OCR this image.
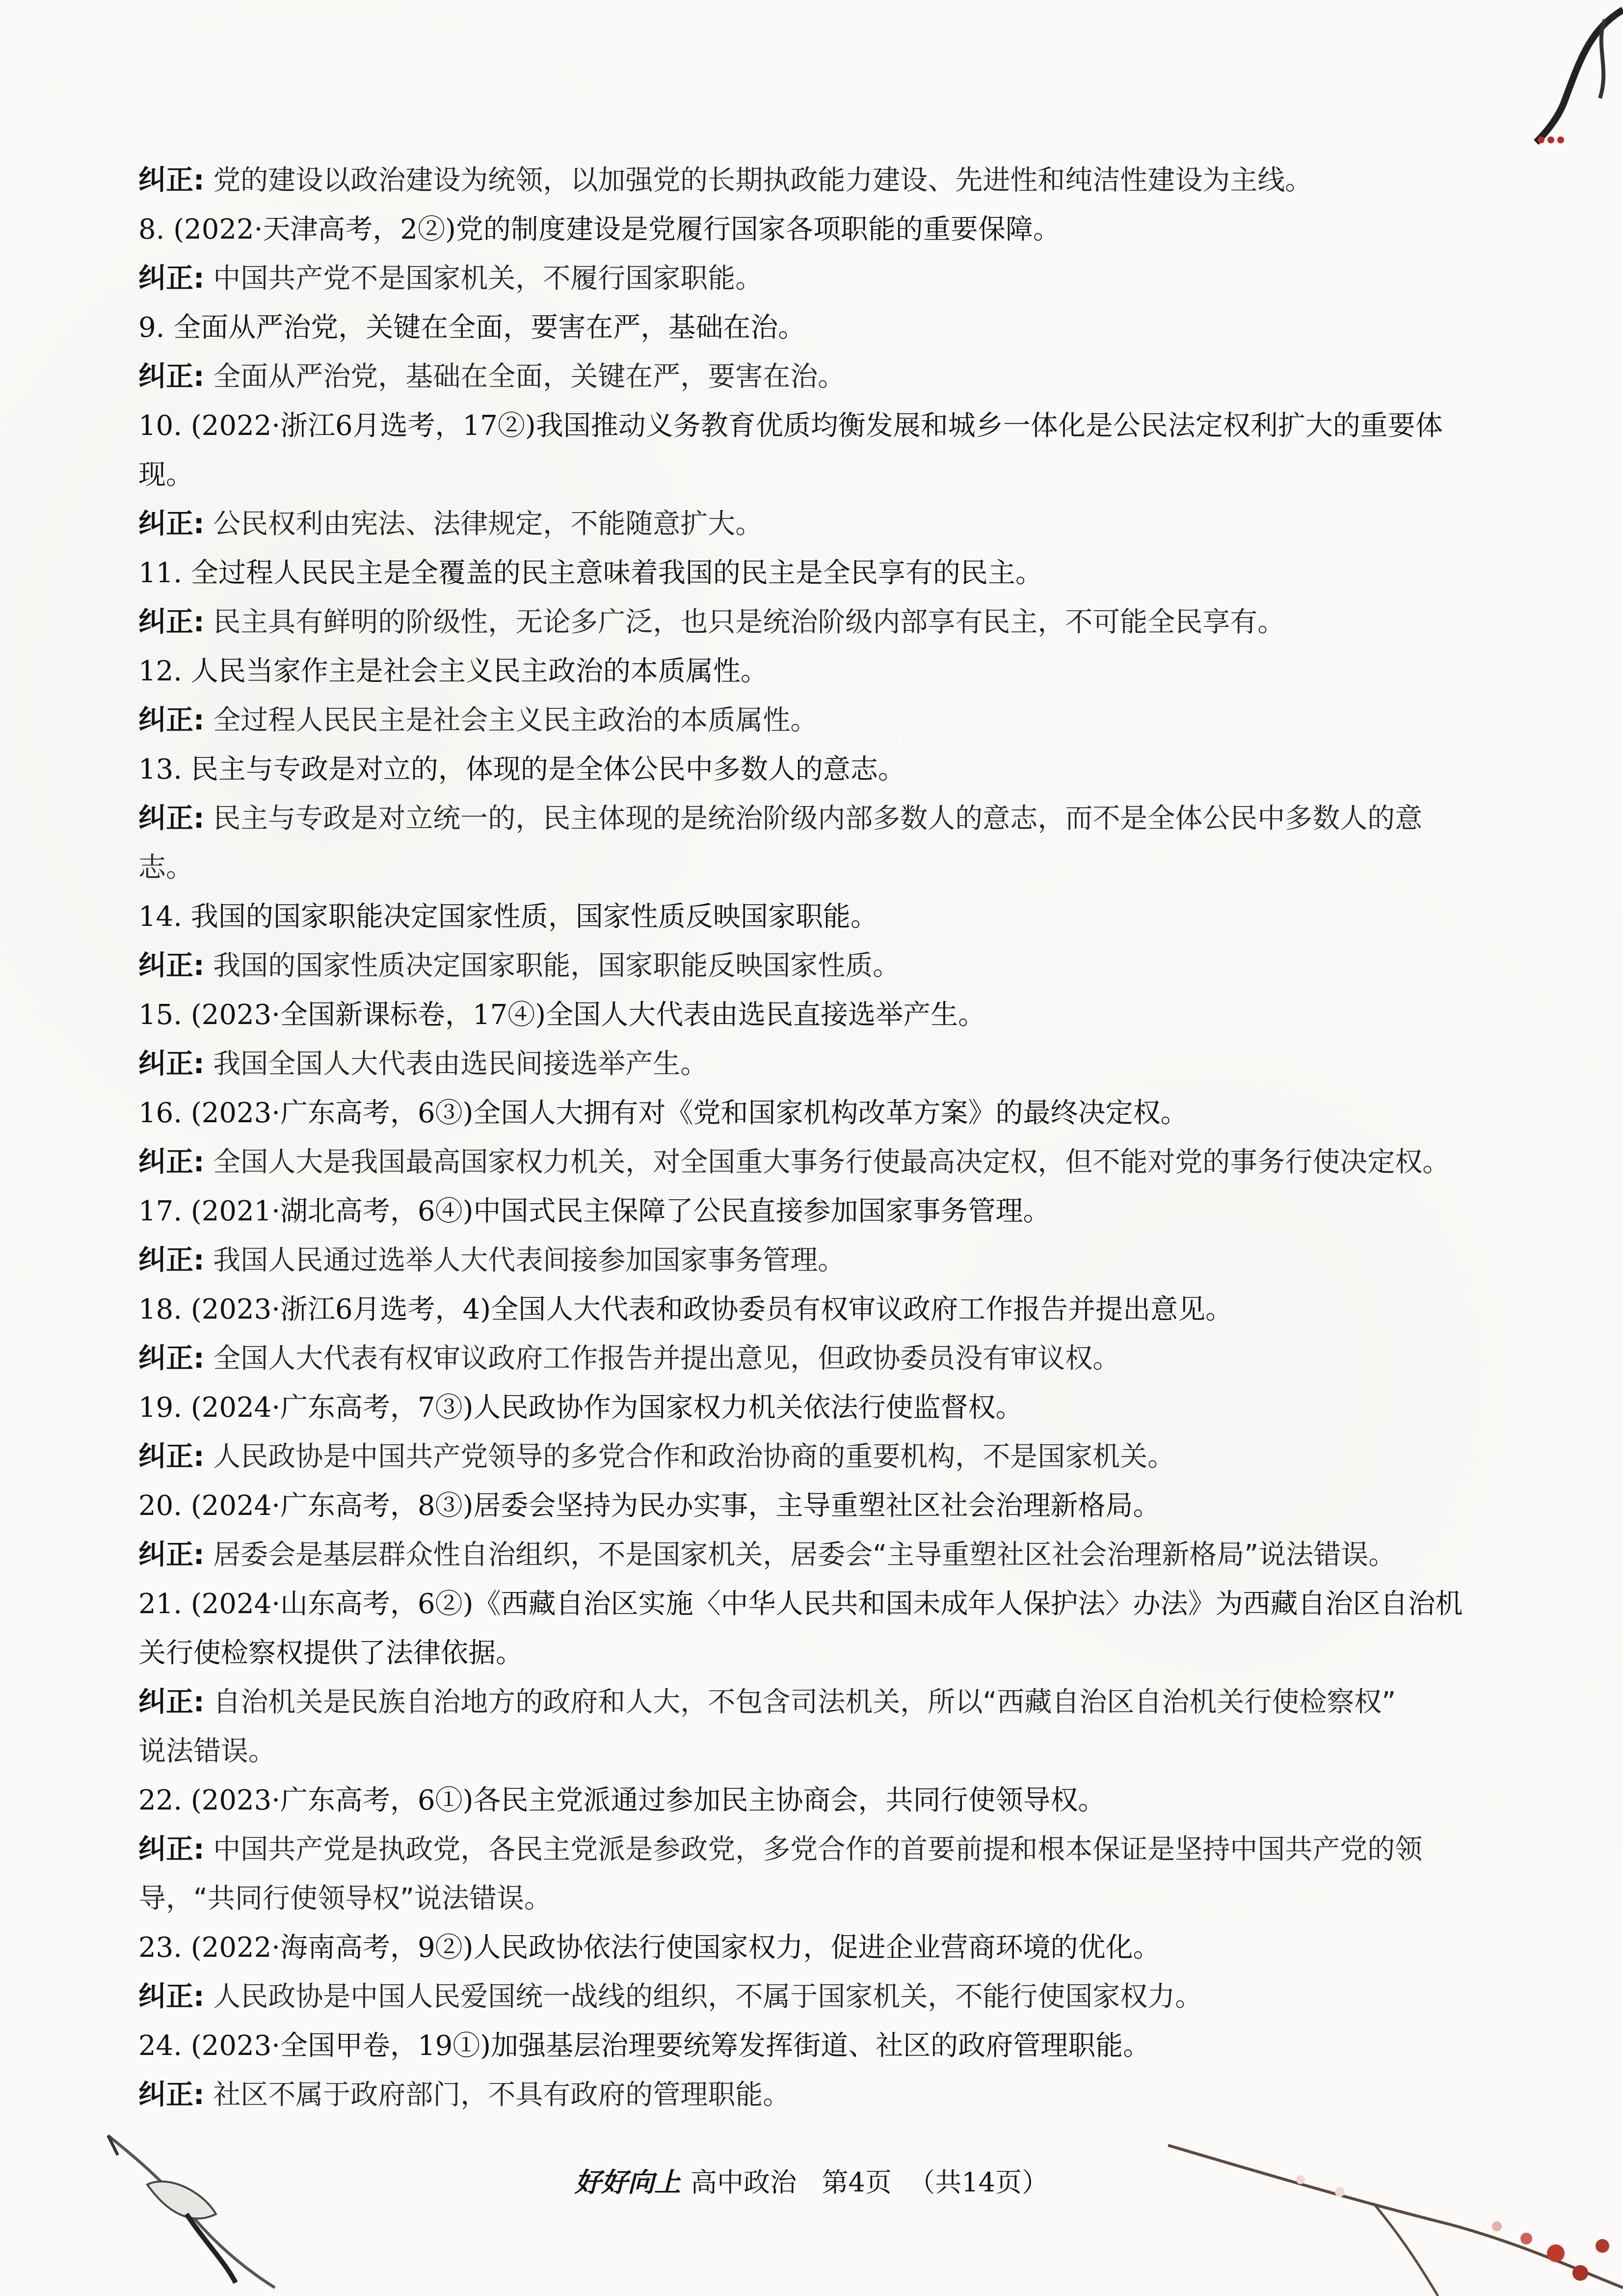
纠正: 党的建设以政治建设为统领，以加强党的长期执政能力建设、先进性和纯洁性建设为主线。
8. (2022·天津高考，2②)党的制度建设是党履行国家各项职能的重要保障。
纠正: 中国共产党不是国家机关，不履行国家职能。
9. 全面从严治党，关键在全面，要害在严，基础在治。
纠正: 全面从严治党，基础在全面，关键在严，要害在治。
10. (2022·浙江6月选考，17②)我国推动义务教育优质均衡发展和城乡一体化是公民法定权利扩大的重要体
现。
纠正: 公民权利由宪法、法律规定，不能随意扩大。
11. 全过程人民民主是全覆盖的民主意味着我国的民主是全民享有的民主。
纠正: 民主具有鲜明的阶级性，无论多广泛，也只是统治阶级内部享有民主，不可能全民享有。
12. 人民当家作主是社会主义民主政治的本质属性。
纠正: 全过程人民民主是社会主义民主政治的本质属性。
13. 民主与专政是对立的，体现的是全体公民中多数人的意志。
纠正: 民主与专政是对立统一的，民主体现的是统治阶级内部多数人的意志，而不是全体公民中多数人的意
志。
14. 我国的国家职能决定国家性质，国家性质反映国家职能。
纠正: 我国的国家性质决定国家职能，国家职能反映国家性质。
15. (2023·全国新课标卷，17④)全国人大代表由选民直接选举产生。
纠正: 我国全国人大代表由选民间接选举产生。
16. (2023·广东高考，6③)全国人大拥有对《党和国家机构改革方案》的最终决定权。
纠正: 全国人大是我国最高国家权力机关，对全国重大事务行使最高决定权，但不能对党的事务行使决定权。
17. (2021·湖北高考，6④)中国式民主保障了公民直接参加国家事务管理。
纠正: 我国人民通过选举人大代表间接参加国家事务管理。
18. (2023·浙江6月选考，4)全国人大代表和政协委员有权审议政府工作报告并提出意见。
纠正: 全国人大代表有权审议政府工作报告并提出意见，但政协委员没有审议权。
19. (2024·广东高考，7③)人民政协作为国家权力机关依法行使监督权。
纠正: 人民政协是中国共产党领导的多党合作和政治协商的重要机构，不是国家机关。
20. (2024·广东高考，8③)居委会坚持为民办实事，主导重塑社区社会治理新格局。
纠正: 居委会是基层群众性自治组织，不是国家机关，居委会“主导重塑社区社会治理新格局”说法错误。
21. (2024·山东高考，6②)《西藏自治区实施〈中华人民共和国未成年人保护法〉办法》为西藏自治区自治机
关行使检察权提供了法律依据。
纠正: 自治机关是民族自治地方的政府和人大，不包含司法机关，所以“西藏自治区自治机关行使检察权”
说法错误。
22. (2023·广东高考，6①)各民主党派通过参加民主协商会，共同行使领导权。
纠正: 中国共产党是执政党，各民主党派是参政党，多党合作的首要前提和根本保证是坚持中国共产党的领
导，“共同行使领导权”说法错误。
23. (2022·海南高考，9②)人民政协依法行使国家权力，促进企业营商环境的优化。
纠正: 人民政协是中国人民爱国统一战线的组织，不属于国家机关，不能行使国家权力。
24. (2023·全国甲卷，19①)加强基层治理要统筹发挥街道、社区的政府管理职能。
纠正: 社区不属于政府部门，不具有政府的管理职能。
好好向上 高中政治 第4页 （共14页）
